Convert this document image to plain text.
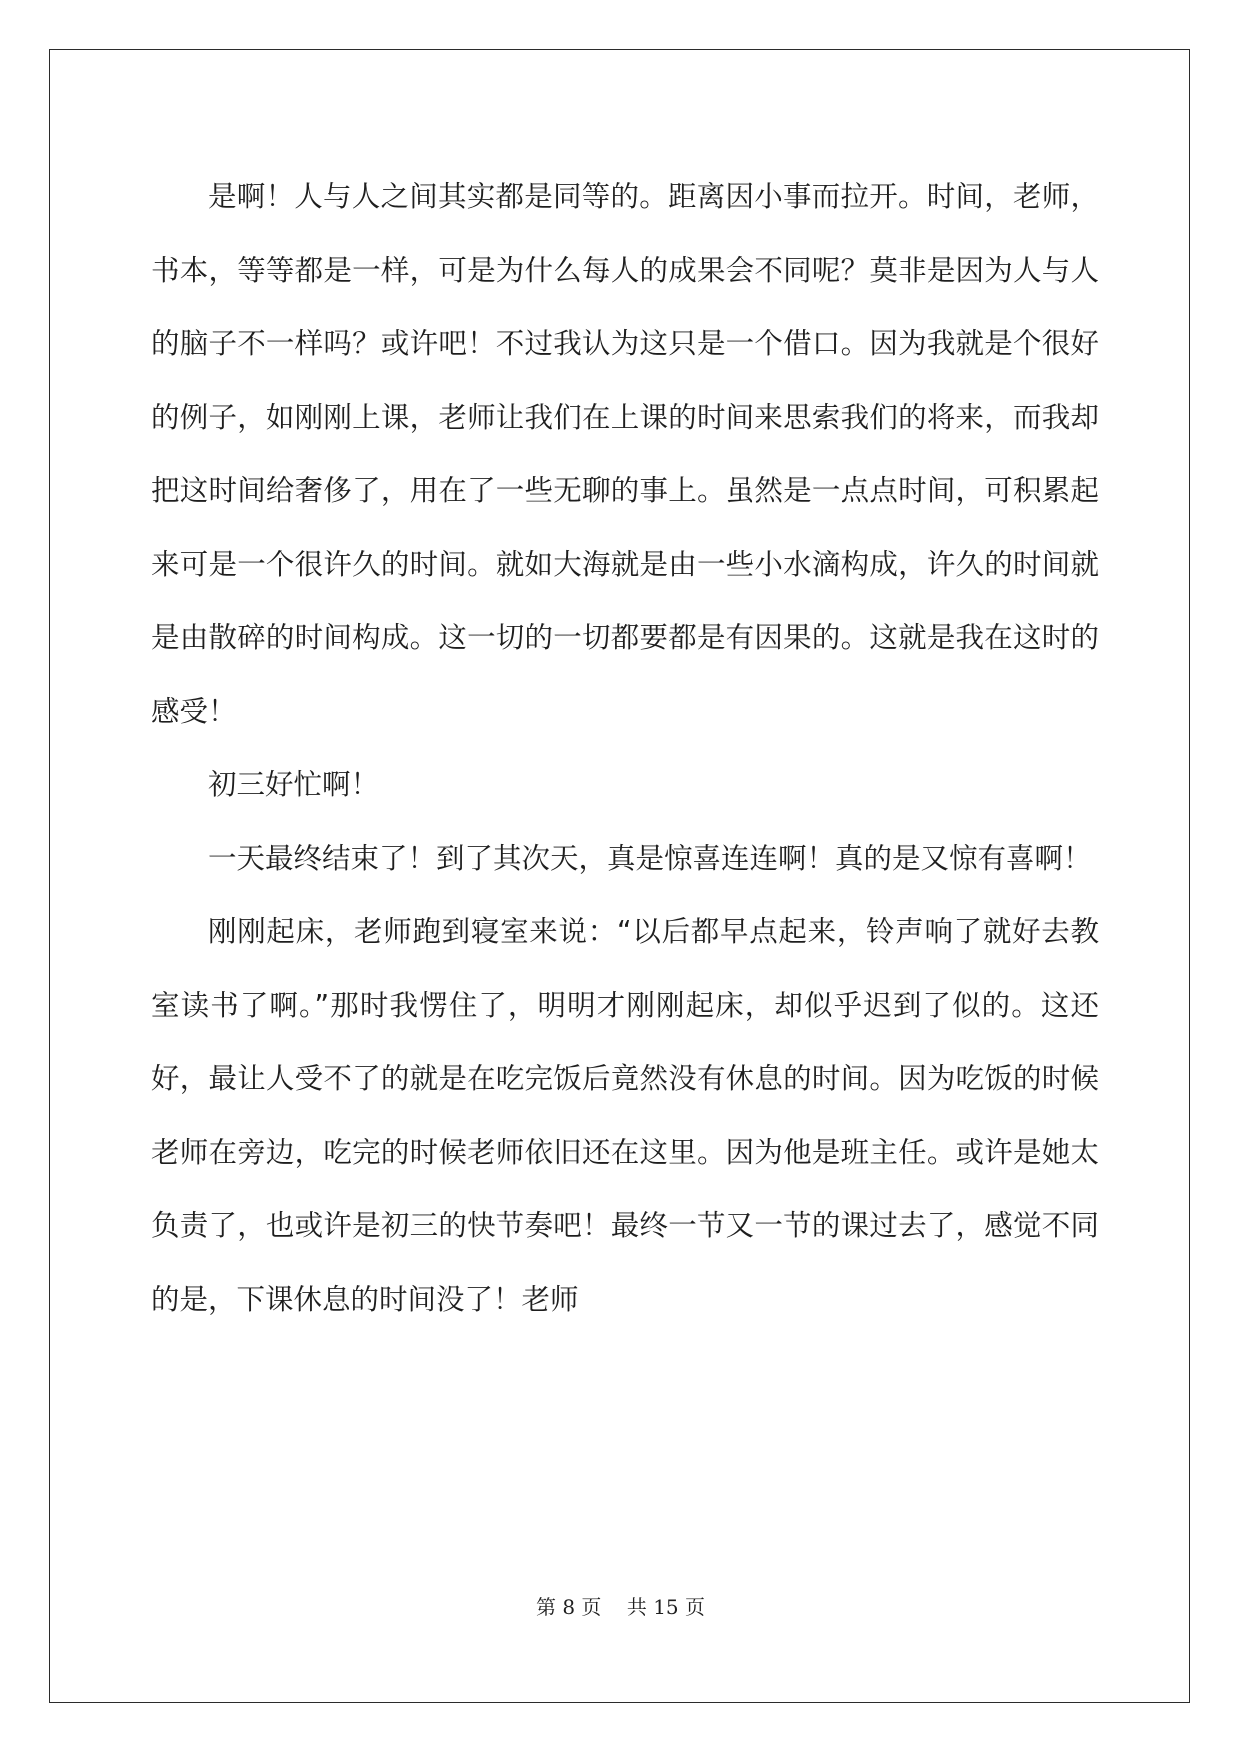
是啊！人与人之间其实都是同等的。距离因小事而拉开。时间，老师，书本，等等都是一样，可是为什么每人的成果会不同呢？莫非是因为人与人的脑子不一样吗？或许吧！不过我认为这只是一个借口。因为我就是个很好的例子，如刚刚上课，老师让我们在上课的时间来思索我们的将来，而我却把这时间给奢侈了，用在了一些无聊的事上。虽然是一点点时间，可积累起来可是一个很许久的时间。就如大海就是由一些小水滴构成，许久的时间就是由散碎的时间构成。这一切的一切都要都是有因果的。这就是我在这时的感受！

初三好忙啊！

一天最终结束了！到了其次天，真是惊喜连连啊！真的是又惊有喜啊！

刚刚起床，老师跑到寝室来说：“以后都早点起来，铃声响了就好去教室读书了啊。”那时我愣住了，明明才刚刚起床，却似乎迟到了似的。这还好，最让人受不了的就是在吃完饭后竟然没有休息的时间。因为吃饭的时候老师在旁边，吃完的时候老师依旧还在这里。因为他是班主任。或许是她太负责了，也或许是初三的快节奏吧！最终一节又一节的课过去了，感觉不同的是，下课休息的时间没了！老师

第 8 页    共 15 页
